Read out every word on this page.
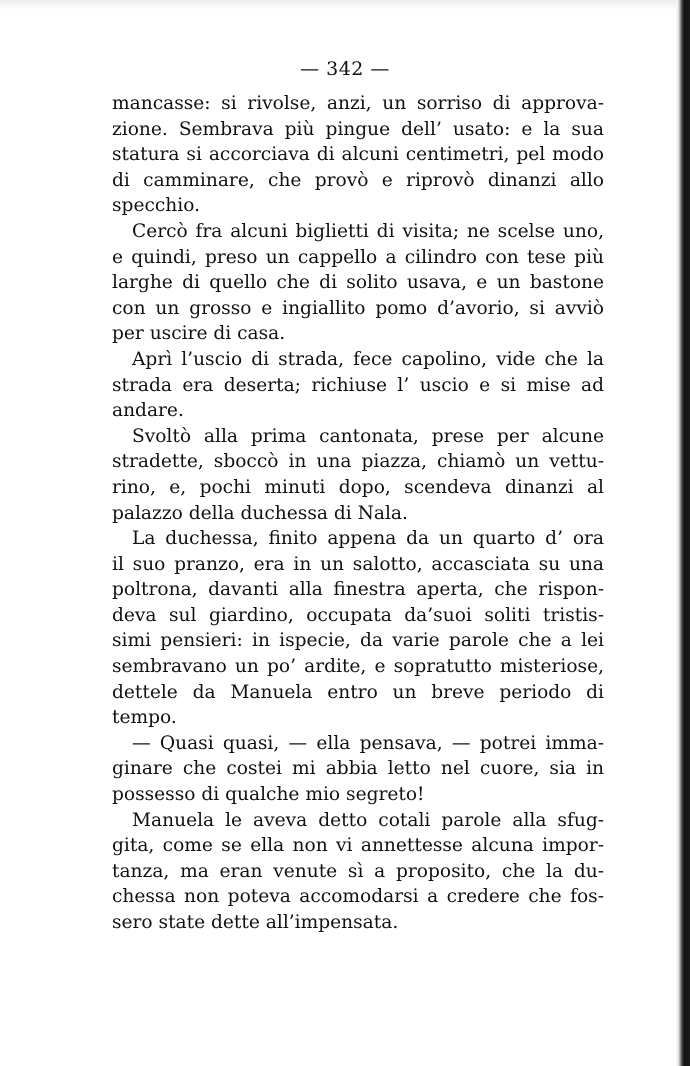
— 342 —

mancasse: si rivolse, anzi, un sorriso di approva-
zione. Sembrava più pingue dell’ usato: e la sua
statura si accorciava di alcuni centimetri, pel modo
di camminare, che provò e riprovò dinanzi allo
specchio.
Cercò fra alcuni biglietti di visita; ne scelse uno,
e quindi, preso un cappello a cilindro con tese più
larghe di quello che di solito usava, e un bastone
con un grosso e ingiallito pomo d’avorio, si avviò
per uscire di casa.
Aprì l’uscio di strada, fece capolino, vide che la
strada era deserta; richiuse l’ uscio e si mise ad
andare.
Svoltò alla prima cantonata, prese per alcune
stradette, sboccò in una piazza, chiamò un vettu-
rino, e, pochi minuti dopo, scendeva dinanzi al
palazzo della duchessa di Nala.
La duchessa, finito appena da un quarto d’ ora
il suo pranzo, era in un salotto, accasciata su una
poltrona, davanti alla finestra aperta, che rispon-
deva sul giardino, occupata da’suoi soliti tristis-
simi pensieri: in ispecie, da varie parole che a lei
sembravano un po’ ardite, e sopratutto misteriose,
dettele da Manuela entro un breve periodo di
tempo.
— Quasi quasi, — ella pensava, — potrei imma-
ginare che costei mi abbia letto nel cuore, sia in
possesso di qualche mio segreto!
Manuela le aveva detto cotali parole alla sfug-
gita, come se ella non vi annettesse alcuna impor-
tanza, ma eran venute sì a proposito, che la du-
chessa non poteva accomodarsi a credere che fos-
sero state dette all’impensata.
